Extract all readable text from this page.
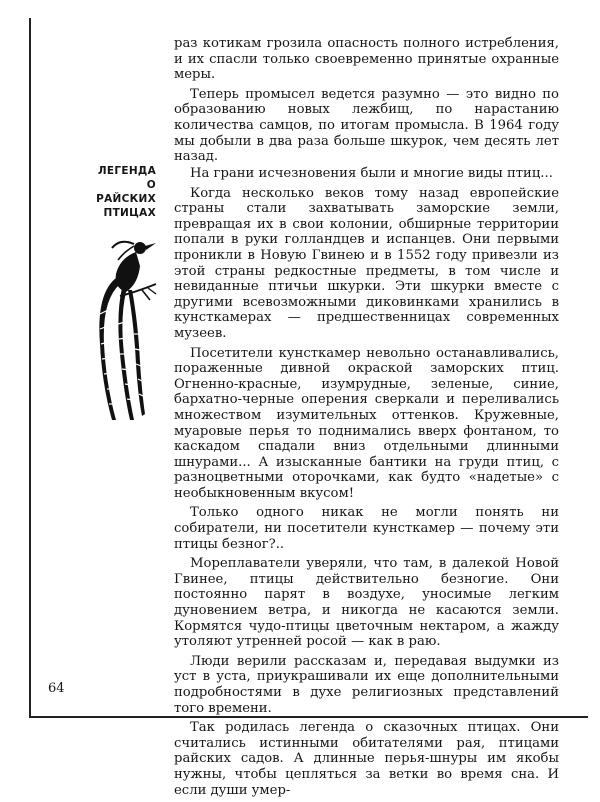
раз котикам грозила опасность полного истребления, и их спасли только своевременно принятые охранные меры.

Теперь промысел ведется разумно — это видно по образованию новых лежбищ, по нарастанию количества самцов, по итогам промысла. В 1964 году мы добыли в два раза больше шкурок, чем десять лет назад.

ЛЕГЕНДА
О РАЙСКИХ
ПТИЦАХ

На грани исчезновения были и многие виды птиц...

Когда несколько веков тому назад европейские страны стали захватывать заморские земли, превращая их в свои колонии, обширные территории попали в руки голландцев и испанцев. Они первыми проникли в Новую Гвинею и в 1552 году привезли из этой страны редкостные предметы, в том числе и невиданные птичьи шкурки. Эти шкурки вместе с другими всевозможными диковинками хранились в кунсткамерах — предшественницах современных музеев.

Посетители кунсткамер невольно останавливались, пораженные дивной окраской заморских птиц. Огненно-красные, изумрудные, зеленые, синие, бархатно-черные оперения сверкали и переливались множеством изумительных оттенков. Кружевные, муаровые перья то поднимались вверх фонтаном, то каскадом спадали вниз отдельными длинными шнурами... А изысканные бантики на груди птиц, с разноцветными оторочками, как будто «надетые» с необыкновенным вкусом!

Только одного никак не могли понять ни собиратели, ни посетители кунсткамер — почему эти птицы безног?..

Мореплаватели уверяли, что там, в далекой Новой Гвинее, птицы действительно безногие. Они постоянно парят в воздухе, уносимые легким дуновением ветра, и никогда не касаются земли. Кормятся чудо-птицы цветочным нектаром, а жажду утоляют утренней росой — как в раю.

Люди верили рассказам и, передавая выдумки из уст в уста, приукрашивали их еще дополнительными подробностями в духе религиозных представлений того времени.

Так родилась легенда о сказочных птицах. Они считались истинными обитателями рая, птицами райских садов. А длинные перья-шнуры им якобы нужны, чтобы цепляться за ветки во время сна. И если души умер-

64
